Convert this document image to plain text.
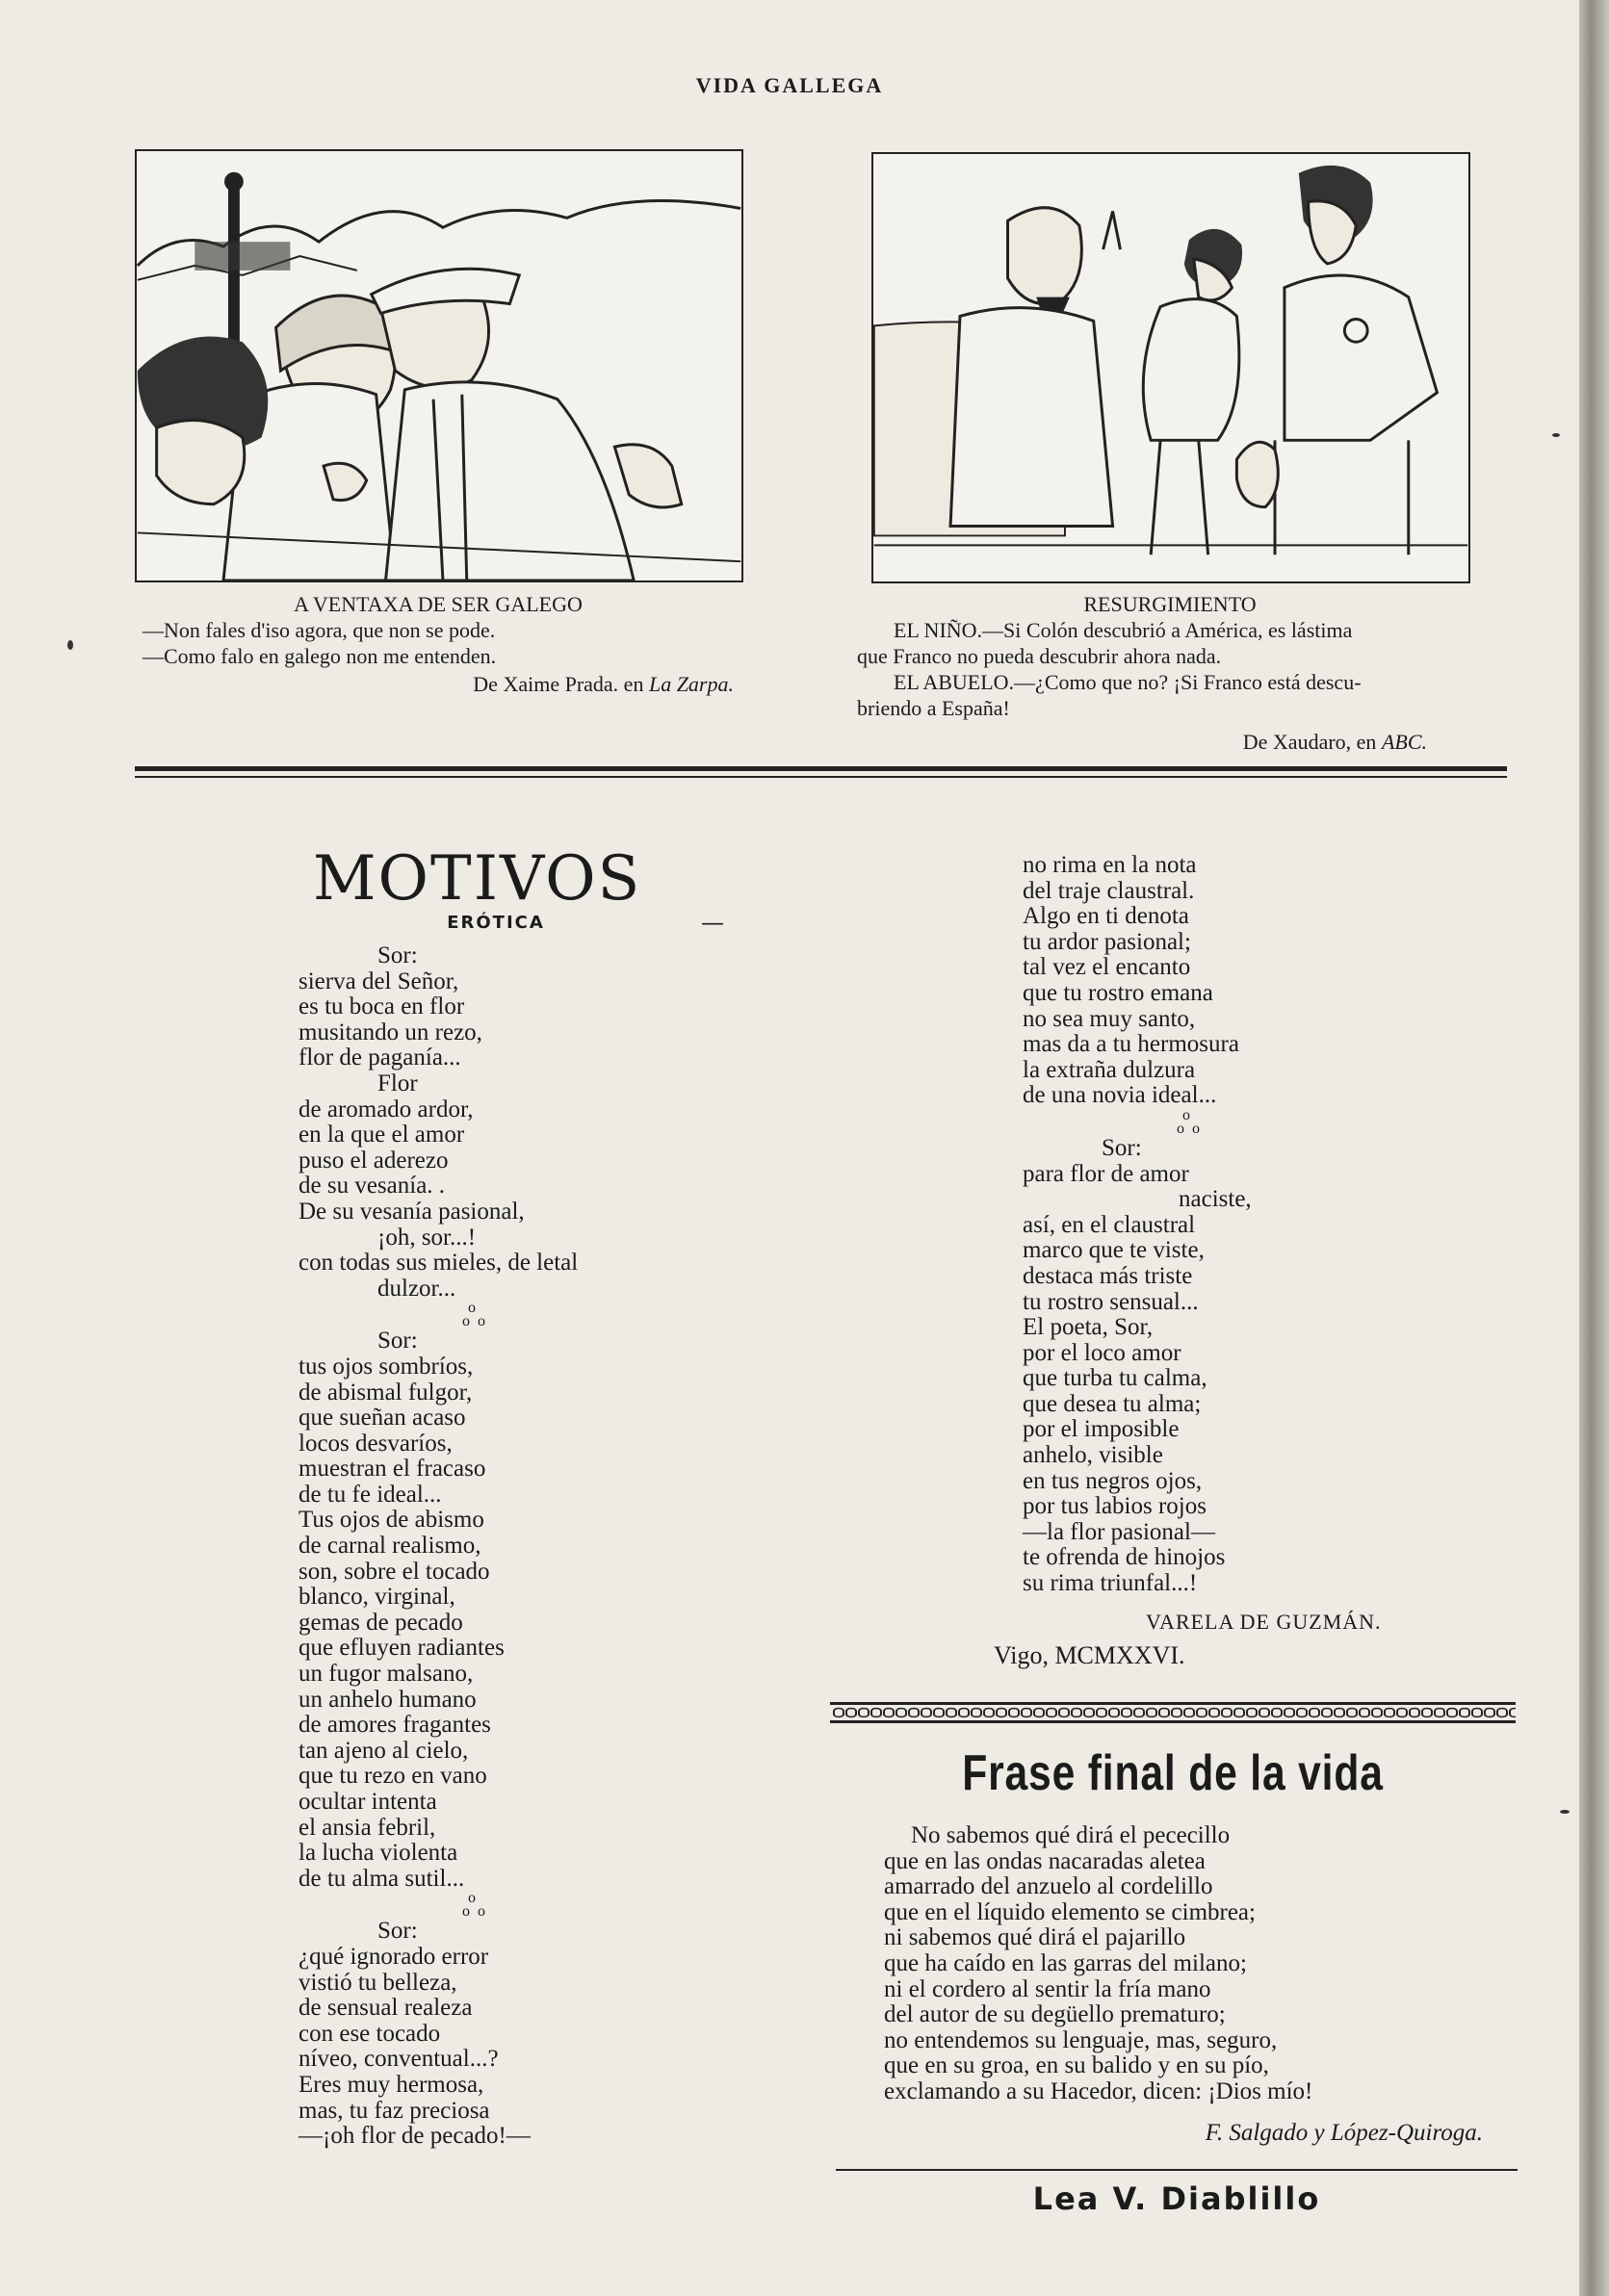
VIDA GALLEGA
A VENTAXA DE SER GALEGO
—Non fales d'iso agora, que non se pode.
—Como falo en galego non me entenden.
De Xaime Prada. en La Zarpa.
RESURGIMIENTO
EL NIÑO.—Si Colón descubrió a América, es lástima
que Franco no pueda descubrir ahora nada.
EL ABUELO.—¿Como que no? ¡Si Franco está descu-
briendo a España!
De Xaudaro, en ABC.
MOTIVOS
ERÓTICA	—
Sor:
sierva del Señor,
es tu boca en flor
musitando un rezo,
flor de paganía...
Flor
de aromado ardor,
en la que el amor
puso el aderezo
de su vesanía. .
De su vesanía pasional,
¡oh, sor...!
con todas sus mieles, de letal
dulzor...
o
o  o
Sor:
tus ojos sombríos,
de abismal fulgor,
que sueñan acaso
locos desvaríos,
muestran el fracaso
de tu fe ideal...
Tus ojos de abismo
de carnal realismo,
son, sobre el tocado
blanco, virginal,
gemas de pecado
que efluyen radiantes
un fugor malsano,
un anhelo humano
de amores fragantes
tan ajeno al cielo,
que tu rezo en vano
ocultar intenta
el ansia febril,
la lucha violenta
de tu alma sutil...
o
o  o
Sor:
¿qué ignorado error
vistió tu belleza,
de sensual realeza
con ese tocado
níveo, conventual...?
Eres muy hermosa,
mas, tu faz preciosa
—¡oh flor de pecado!—
no rima en la nota
del traje claustral.
Algo en ti denota
tu ardor pasional;
tal vez el encanto
que tu rostro emana
no sea muy santo,
mas da a tu hermosura
la extraña dulzura
de una novia ideal...
o
o  o
Sor:
para flor de amor
naciste,
así, en el claustral
marco que te viste,
destaca más triste
tu rostro sensual...
El poeta, Sor,
por el loco amor
que turba tu calma,
que desea tu alma;
por el imposible
anhelo, visible
en tus negros ojos,
por tus labios rojos
—la flor pasional—
te ofrenda de hinojos
su rima triunfal...!
VARELA DE GUZMÁN.
Vigo, MCMXXVI.
Frase final de la vida
No sabemos qué dirá el pececillo
que en las ondas nacaradas aletea
amarrado del anzuelo al cordelillo
que en el líquido elemento se cimbrea;
ni sabemos qué dirá el pajarillo
que ha caído en las garras del milano;
ni el cordero al sentir la fría mano
del autor de su degüello prematuro;
no entendemos su lenguaje, mas, seguro,
que en su groa, en su balido y en su pío,
exclamando a su Hacedor, dicen: ¡Dios mío!
F. Salgado y López-Quiroga.
Lea V. Diablillo
